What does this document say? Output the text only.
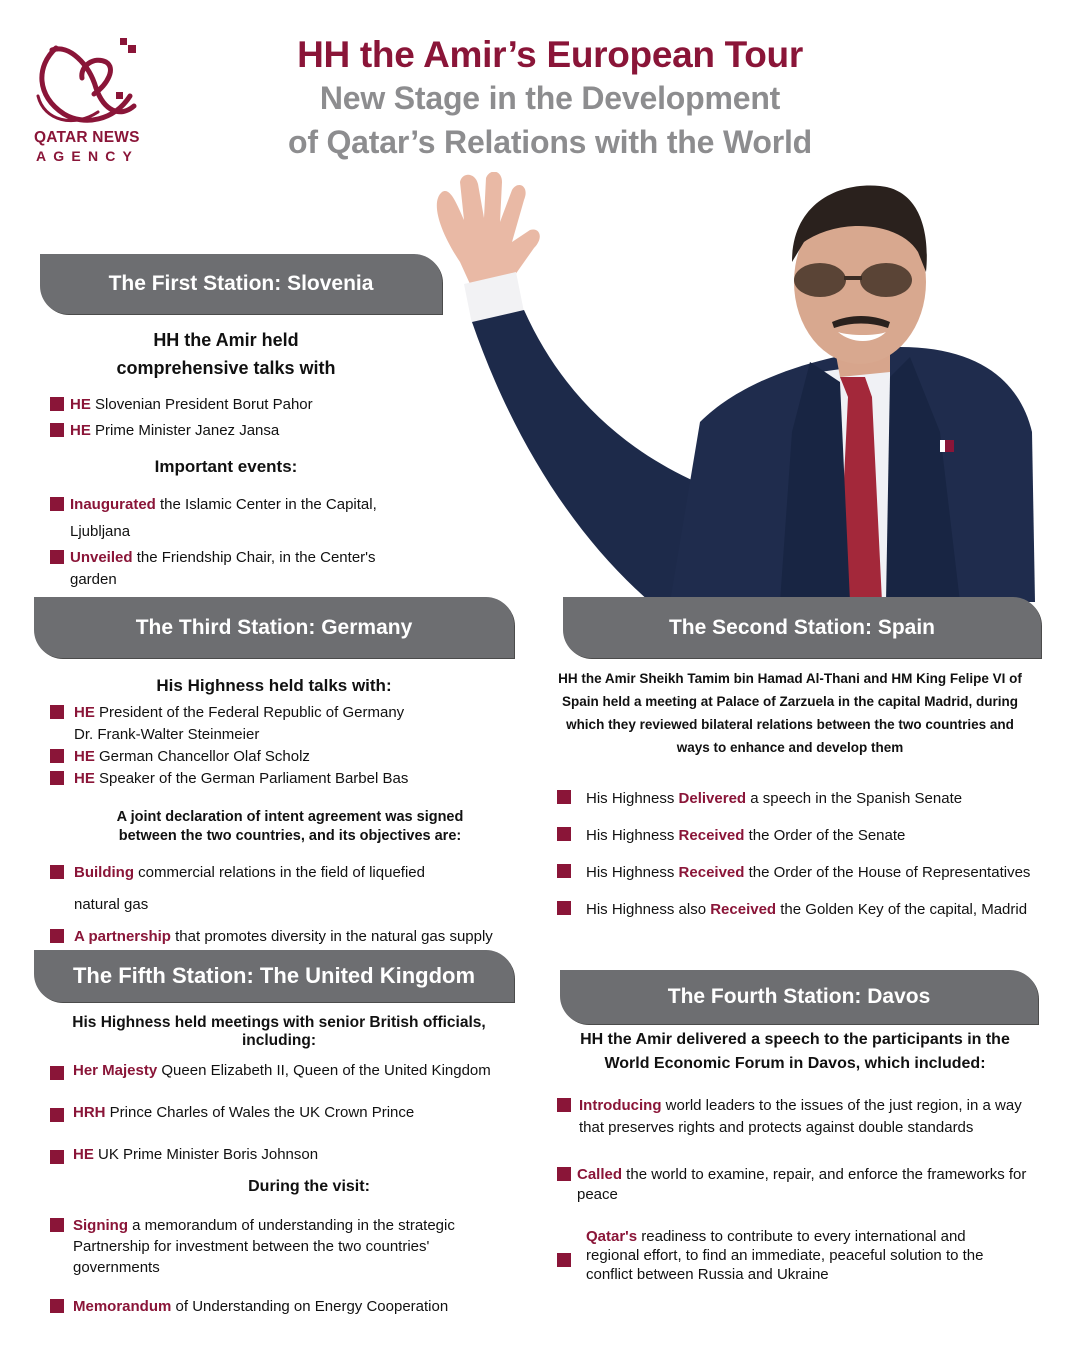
QATAR NEWS
AGENCY
HH the Amir’s European Tour
New Stage in the Development
of Qatar’s Relations with the World
The First Station: Slovenia
HH the Amir held
comprehensive talks with
HE Slovenian President Borut Pahor
HE Prime Minister Janez Jansa
Important events:
Inaugurated the Islamic Center in the Capital,
Ljubljana
Unveiled the Friendship Chair, in the Center's
garden
The Third Station: Germany
His Highness held talks with:
HE President of the Federal Republic of Germany
Dr. Frank-Walter Steinmeier
HE German Chancellor Olaf Scholz
HE Speaker of the German Parliament Barbel Bas
A joint declaration of intent agreement was signed
between the two countries, and its objectives are:
Building commercial relations in the field of liquefied
natural gas
A partnership that promotes diversity in the natural gas supply
The Fifth Station: The United Kingdom
His Highness held meetings with senior British officials, including:
Her Majesty Queen Elizabeth II, Queen of the United Kingdom
HRH Prince Charles of Wales the UK Crown Prince
HE UK Prime Minister Boris Johnson
During the visit:
Signing a memorandum of understanding in the strategic
Partnership for investment between the two countries'
governments
Memorandum of Understanding on Energy Cooperation
The Second Station: Spain
HH the Amir Sheikh Tamim bin Hamad Al-Thani and HM King Felipe VI of
Spain held a meeting at Palace of Zarzuela in the capital Madrid, during
which they reviewed bilateral relations between the two countries and
ways to enhance and develop them
His Highness Delivered a speech in the Spanish Senate
His Highness Received the Order of the Senate
His Highness Received the Order of the House of Representatives
His Highness also Received the Golden Key of the capital, Madrid
The Fourth Station: Davos
HH the Amir delivered a speech to the participants in the
World Economic Forum in Davos, which included:
Introducing world leaders to the issues of the just region, in a way
that preserves rights and protects against double standards
Called the world to examine, repair, and enforce the frameworks for
peace
Qatar's readiness to contribute to every international and
regional effort, to find an immediate, peaceful solution to the
conflict between Russia and Ukraine
